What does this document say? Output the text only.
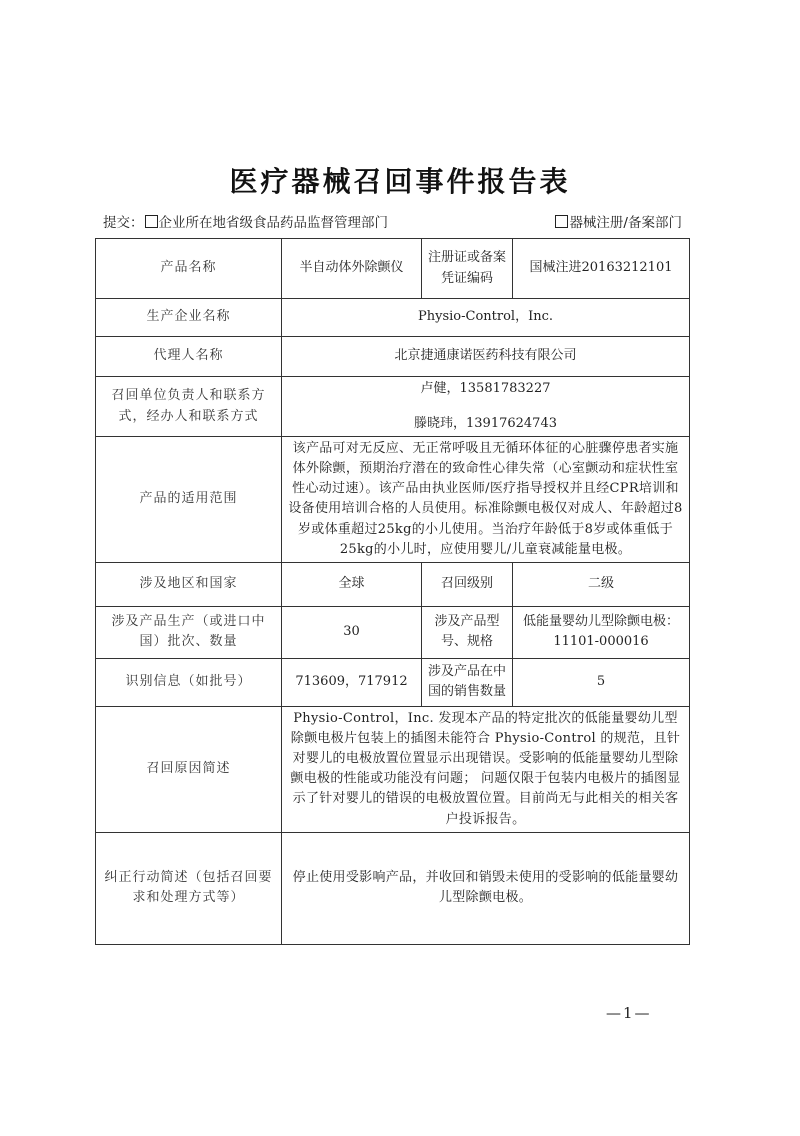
医疗器械召回事件报告表
提交： 企业所在地省级食品药品监督管理部门	器械注册/备案部门
产品名称	半自动体外除颤仪	注册证或备案凭证编码	国械注进20163212101
生产企业名称	Physio-Control，Inc.		
代理人名称	北京捷通康诺医药科技有限公司		
召回单位负责人和联系方式，经办人和联系方式	卢健，13581783227
滕晓玮，13917624743		

产品的适用范围	该产品可对无反应、无正常呼吸且无循环体征的心脏骤停患者实施体外除颤，预期治疗潜在的致命性心律失常（心室颤动和症状性室性心动过速）。该产品由执业医师/医疗指导授权并且经CPR培训和设备使用培训合格的人员使用。标准除颤电极仅对成人、年龄超过8岁或体重超过25kg的小儿使用。当治疗年龄低于8岁或体重低于25kg的小儿时，应使用婴儿/儿童衰减能量电极。		
涉及地区和国家	全球	召回级别	二级
涉及产品生产（或进口中国）批次、数量	30	涉及产品型号、规格	低能量婴幼儿型除颤电极：11101-000016
识别信息（如批号）	713609，717912	涉及产品在中国的销售数量	5
召回原因简述	Physio-Control，Inc. 发现本产品的特定批次的低能量婴幼儿型除颤电极片包装上的插图未能符合 Physio-Control 的规范，且针对婴儿的电极放置位置显示出现错误。受影响的低能量婴幼儿型除颤电极的性能或功能没有问题； 问题仅限于包装内电极片的插图显示了针对婴儿的错误的电极放置位置。目前尚无与此相关的相关客户投诉报告。		
纠正行动简述（包括召回要求和处理方式等）	停止使用受影响产品，并收回和销毁未使用的受影响的低能量婴幼儿型除颤电极。		
—1—
